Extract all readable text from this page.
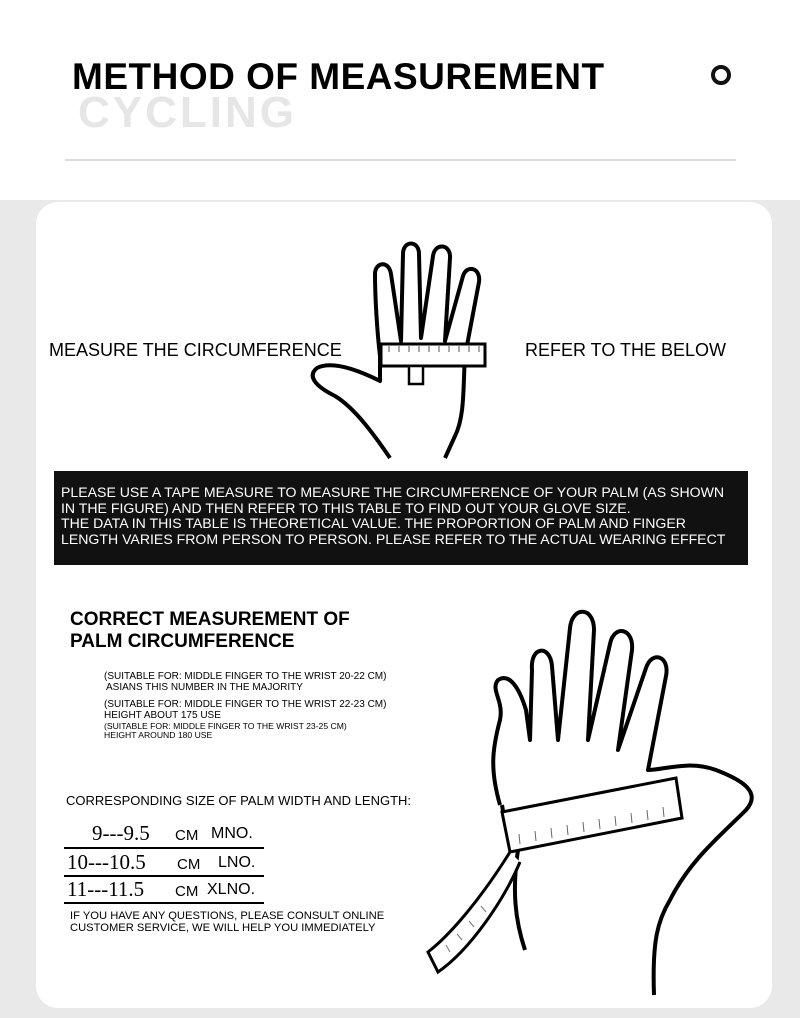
CYCLING
METHOD OF MEASUREMENT
MEASURE THE CIRCUMFERENCE	REFER TO THE BELOW
PLEASE USE A TAPE MEASURE TO MEASURE THE CIRCUMFERENCE OF YOUR PALM (AS SHOWN
IN THE FIGURE) AND THEN REFER TO THIS TABLE TO FIND OUT YOUR GLOVE SIZE.
THE DATA IN THIS TABLE IS THEORETICAL VALUE. THE PROPORTION OF PALM AND FINGER
LENGTH VARIES FROM PERSON TO PERSON. PLEASE REFER TO THE ACTUAL WEARING EFFECT
CORRECT MEASUREMENT OF
PALM CIRCUMFERENCE
(SUITABLE FOR: MIDDLE FINGER TO THE WRIST 20-22 CM)
ASIANS THIS NUMBER IN THE MAJORITY
(SUITABLE FOR: MIDDLE FINGER TO THE WRIST 22-23 CM)
HEIGHT ABOUT 175 USE
(SUITABLE FOR: MIDDLE FINGER TO THE WRIST 23-25 CM)
HEIGHT AROUND 180 USE
CORRESPONDING SIZE OF PALM WIDTH AND LENGTH:
9---9.5 CM MNO.
10---10.5 CM LNO.
11---11.5 CM XLNO.
IF YOU HAVE ANY QUESTIONS, PLEASE CONSULT ONLINE
CUSTOMER SERVICE, WE WILL HELP YOU IMMEDIATELY
